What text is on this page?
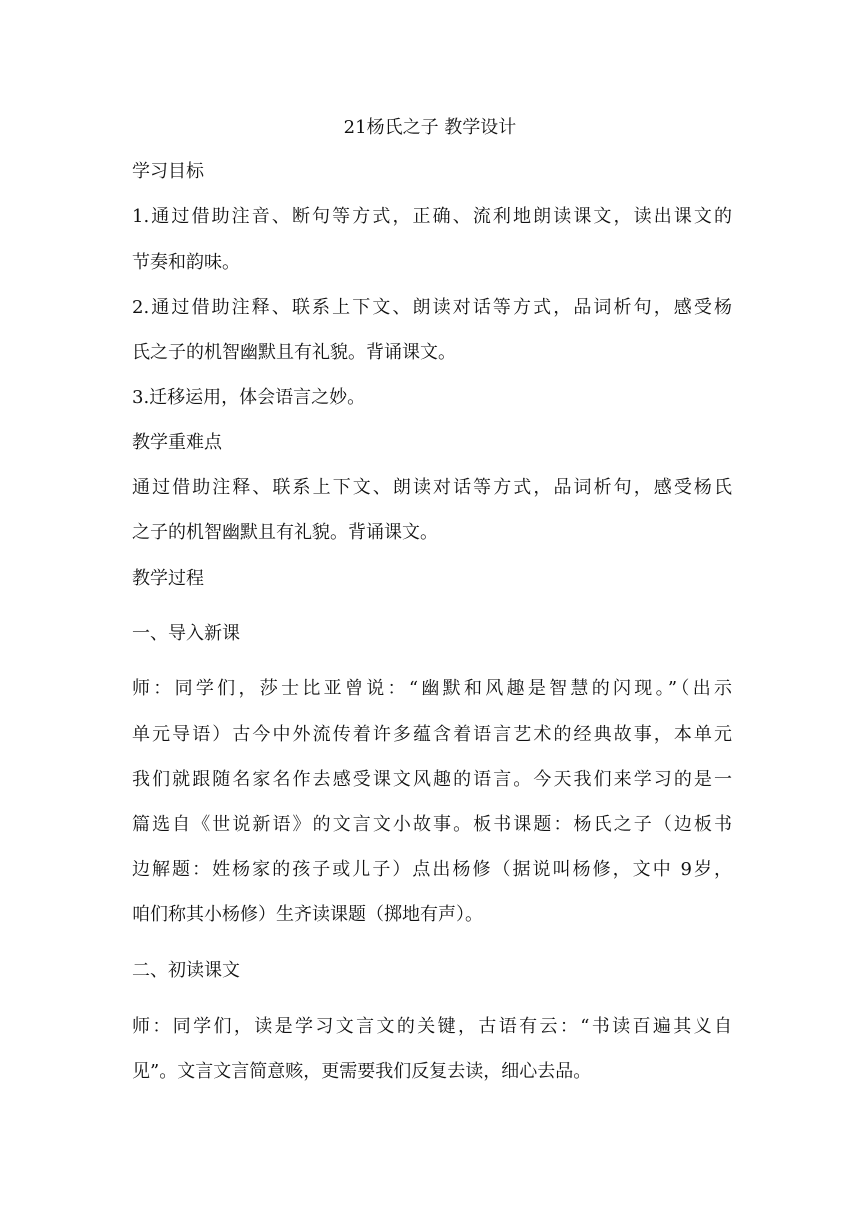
21杨氏之子 教学设计
学习目标
1.通过借助注音、断句等方式，正确、流利地朗读课文，读出课文的
节奏和韵味。
2.通过借助注释、联系上下文、朗读对话等方式，品词析句，感受杨
氏之子的机智幽默且有礼貌。背诵课文。
3.迁移运用，体会语言之妙。
教学重难点
通过借助注释、联系上下文、朗读对话等方式，品词析句，感受杨氏
之子的机智幽默且有礼貌。背诵课文。
教学过程
一、导入新课
师：同学们，莎士比亚曾说：“幽默和风趣是智慧的闪现。”（出示
单元导语）古今中外流传着许多蕴含着语言艺术的经典故事，本单元
我们就跟随名家名作去感受课文风趣的语言。今天我们来学习的是一
篇选自《世说新语》的文言文小故事。板书课题：杨氏之子（边板书
边解题：姓杨家的孩子或儿子）点出杨修（据说叫杨修，文中 9岁，
咱们称其小杨修）生齐读课题（掷地有声）。
二、初读课文
师：同学们，读是学习文言文的关键，古语有云：“书读百遍其义自
见”。文言文言简意赅，更需要我们反复去读，细心去品。
